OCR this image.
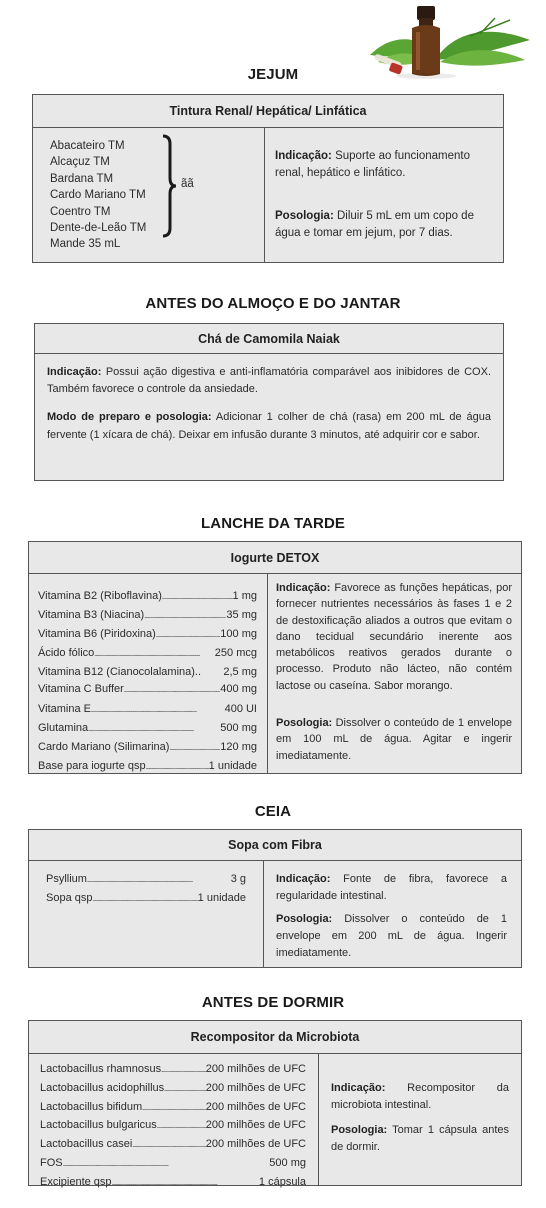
JEJUM
Tintura Renal/ Hepática/ Linfática
Abacateiro TM
Alcaçuz TM
Bardana TM
Cardo Mariano TM
Coentro TM
Dente-de-Leão TM
Mande 35 mL
ãã
Indicação: Suporte ao funcionamento renal, hepático e linfático.
Posologia: Diluir 5 mL em um copo de água e tomar em jejum, por 7 dias.
ANTES DO ALMOÇO E DO JANTAR
Chá de Camomila Naiak
Indicação: Possui ação digestiva e anti-inflamatória comparável aos inibidores de COX. Também favorece o controle da ansiedade.
Modo de preparo e posologia: Adicionar 1 colher de chá (rasa) em 200 mL de água fervente (1 xícara de chá). Deixar em infusão durante 3 minutos, até adquirir cor e sabor.
LANCHE DA TARDE
Iogurte DETOX
Vitamina B2 (Riboflavina) . . .	1 mg
Vitamina B3 (Niacina) . . .	35 mg
Vitamina B6 (Piridoxina) . . .	100 mg
Ácido fólico . . .	250 mcg
Vitamina B12 (Cianocolalamina).. 2,5 mg
Vitamina C Buffer . . .	400 mg
Vitamina E . . .	400 UI
Glutamina . . .	500 mg
Cardo Mariano (Silimarina) . . .	120 mg
Base para iogurte qsp . . .	1 unidade
Indicação: Favorece as funções hepáticas, por fornecer nutrientes necessários às fases 1 e 2 de destoxificação aliados a outros que evitam o dano tecidual secundário inerente aos metabólicos reativos gerados durante o processo. Produto não lácteo, não contém lactose ou caseína. Sabor morango.
Posologia: Dissolver o conteúdo de 1 envelope em 100 mL de água. Agitar e ingerir imediatamente.
CEIA
Sopa com Fibra
Psyllium . . .	3 g
Sopa qsp . . .	1 unidade
Indicação: Fonte de fibra, favorece a regularidade intestinal.
Posologia: Dissolver o conteúdo de 1 envelope em 200 mL de água. Ingerir imediatamente.
ANTES DE DORMIR
Recompositor da Microbiota
Lactobacillus rhamnosus . . .	200 milhões de UFC
Lactobacillus acidophillus . . .	200 milhões de UFC
Lactobacillus bifidum . . .	200 milhões de UFC
Lactobacillus bulgaricus . . .	200 milhões de UFC
Lactobacillus casei . . .	200 milhões de UFC
FOS . . .	500 mg
Excipiente qsp . . .	1 cápsula
Indicação: Recompositor da microbiota intestinal.
Posologia: Tomar 1 cápsula antes de dormir.
